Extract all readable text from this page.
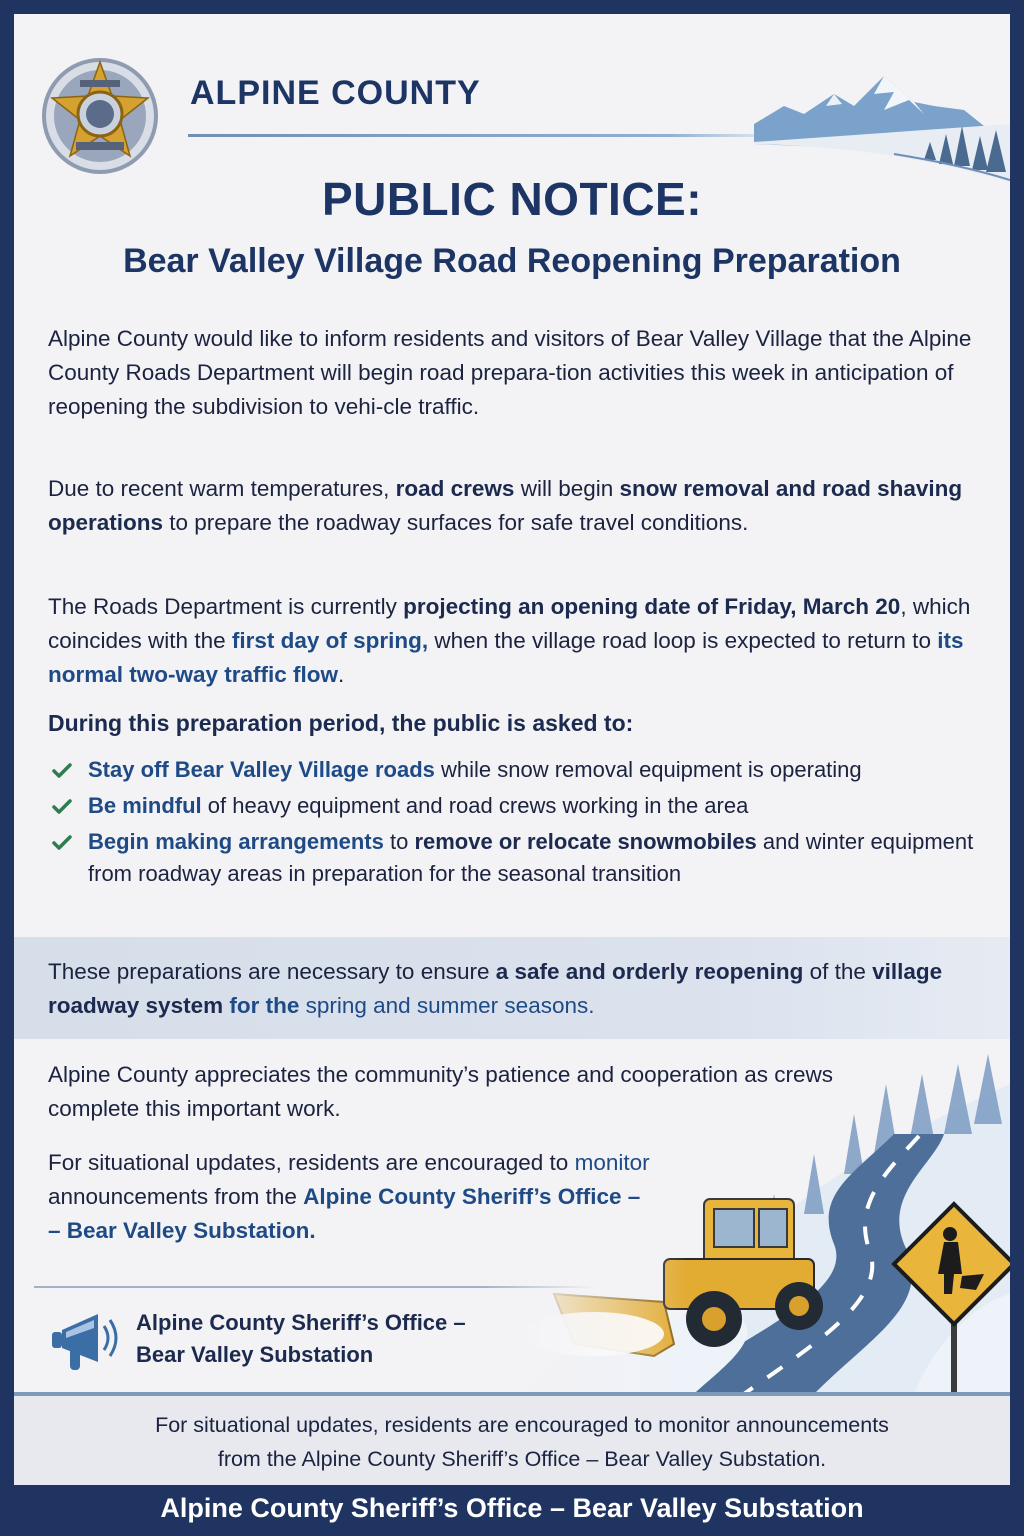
ALPINE COUNTY
PUBLIC NOTICE:
Bear Valley Village Road Reopening Preparation

Alpine County would like to inform residents and visitors of Bear Valley Village that the Alpine County Roads Department will begin road prepara-tion activities this week in anticipation of reopening the subdivision to vehi-cle traffic.

Due to recent warm temperatures, road crews will begin snow removal and road shaving operations to prepare the roadway surfaces for safe travel conditions.

The Roads Department is currently projecting an opening date of Friday, March 20, which coincides with the first day of spring, when the village road loop is expected to return to its normal two-way traffic flow.

During this preparation period, the public is asked to:
Stay off Bear Valley Village roads while snow removal equipment is operating
Be mindful of heavy equipment and road crews working in the area
Begin making arrangements to remove or relocate snowmobiles and winter equipment from roadway areas in preparation for the seasonal transition

These preparations are necessary to ensure a safe and orderly reopening of the village roadway system for the spring and summer seasons.

Alpine County appreciates the community’s patience and cooperation as crews complete this important work.

For situational updates, residents are encouraged to monitor announcements from the Alpine County Sheriff’s Office –
– Bear Valley Substation.

Alpine County Sheriff’s Office –
Bear Valley Substation
For situational updates, residents are encouraged to monitor announcements
from the Alpine County Sheriff’s Office – Bear Valley Substation.
Alpine County Sheriff’s Office – Bear Valley Substation
